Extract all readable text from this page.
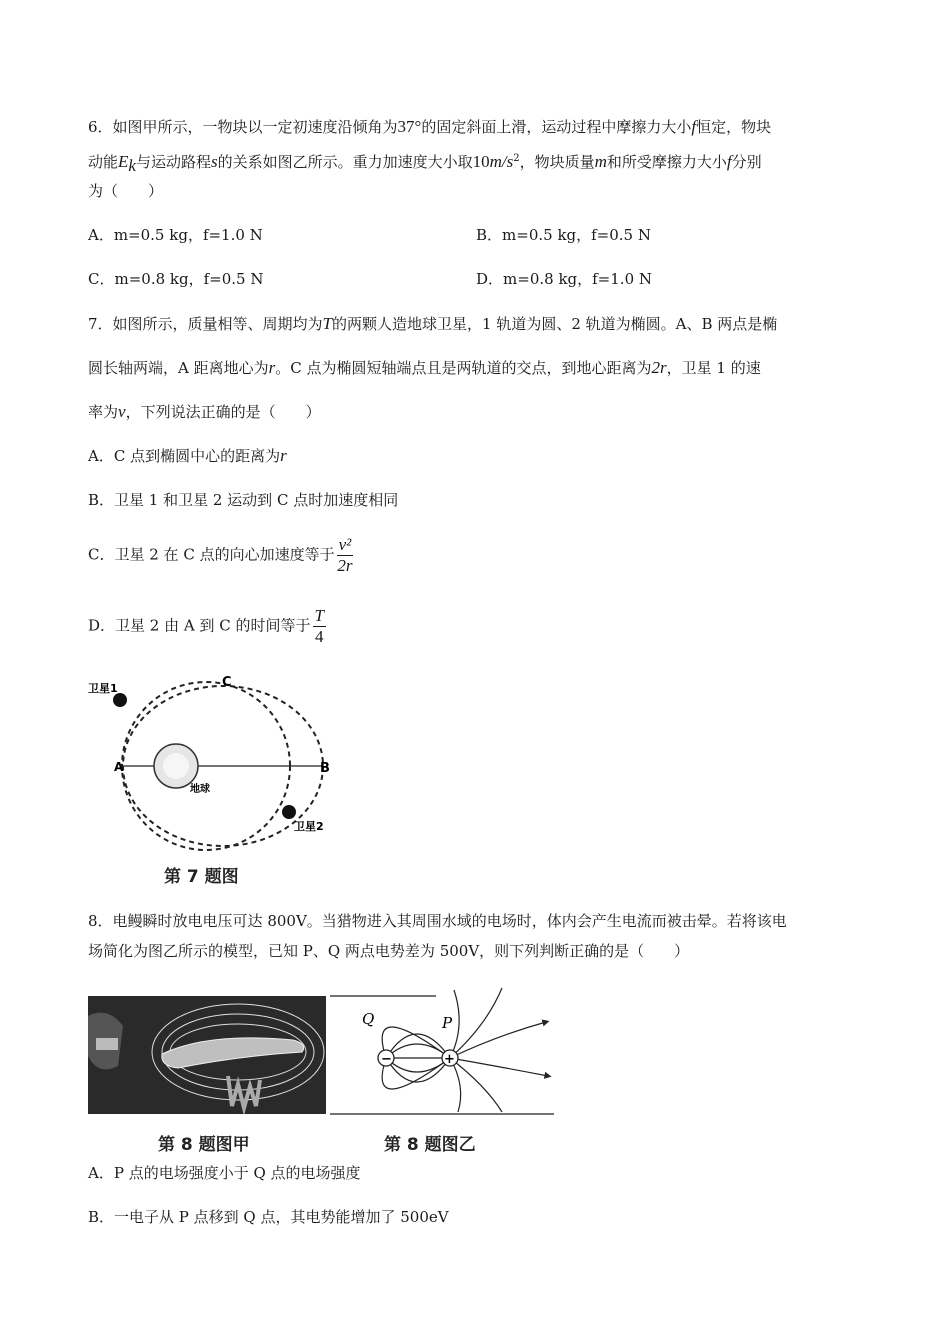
6．如图甲所示，一物块以一定初速度沿倾角为37°的固定斜面上滑，运动过程中摩擦力大小f恒定，物块
动能$E_k$与运动路程s的关系如图乙所示。重力加速度大小取$10m/s^2$，物块质量m和所受摩擦力大小f分别
为（　　）
A．m=0.5 kg，f=1.0 N	B．m=0.5 kg，f=0.5 N
C．m=0.8 kg，f=0.5 N	D．m=0.8 kg，f=1.0 N
7．如图所示，质量相等、周期均为T的两颗人造地球卫星，1 轨道为圆、2 轨道为椭圆。A、B 两点是椭
圆长轴两端，A 距离地心为r。C 点为椭圆短轴端点且是两轨道的交点，到地心距离为2r，卫星 1 的速
率为v，下列说法正确的是（　　）
A．C 点到椭圆中心的距离为r
B．卫星 1 和卫星 2 运动到 C 点时加速度相同
C．卫星 2 在 C 点的向心加速度等于 $\frac{\text{v²}}{2r}$
D．卫星 2 由 A 到 C 的时间等于 $\frac{T}{4}$
卫星1
卫星2
C
A	B
地球
第 7 题图
8．电鳗瞬时放电电压可达 800V。当猎物进入其周围水域的电场时，体内会产生电流而被击晕。若将该电
场简化为图乙所示的模型，已知 P、Q 两点电势差为 500V，则下列判断正确的是（　　）
−	+
Q	P
第 8 题图甲	第 8 题图乙
A．P 点的电场强度小于 Q 点的电场强度
B．一电子从 P 点移到 Q 点，其电势能增加了 500eV
